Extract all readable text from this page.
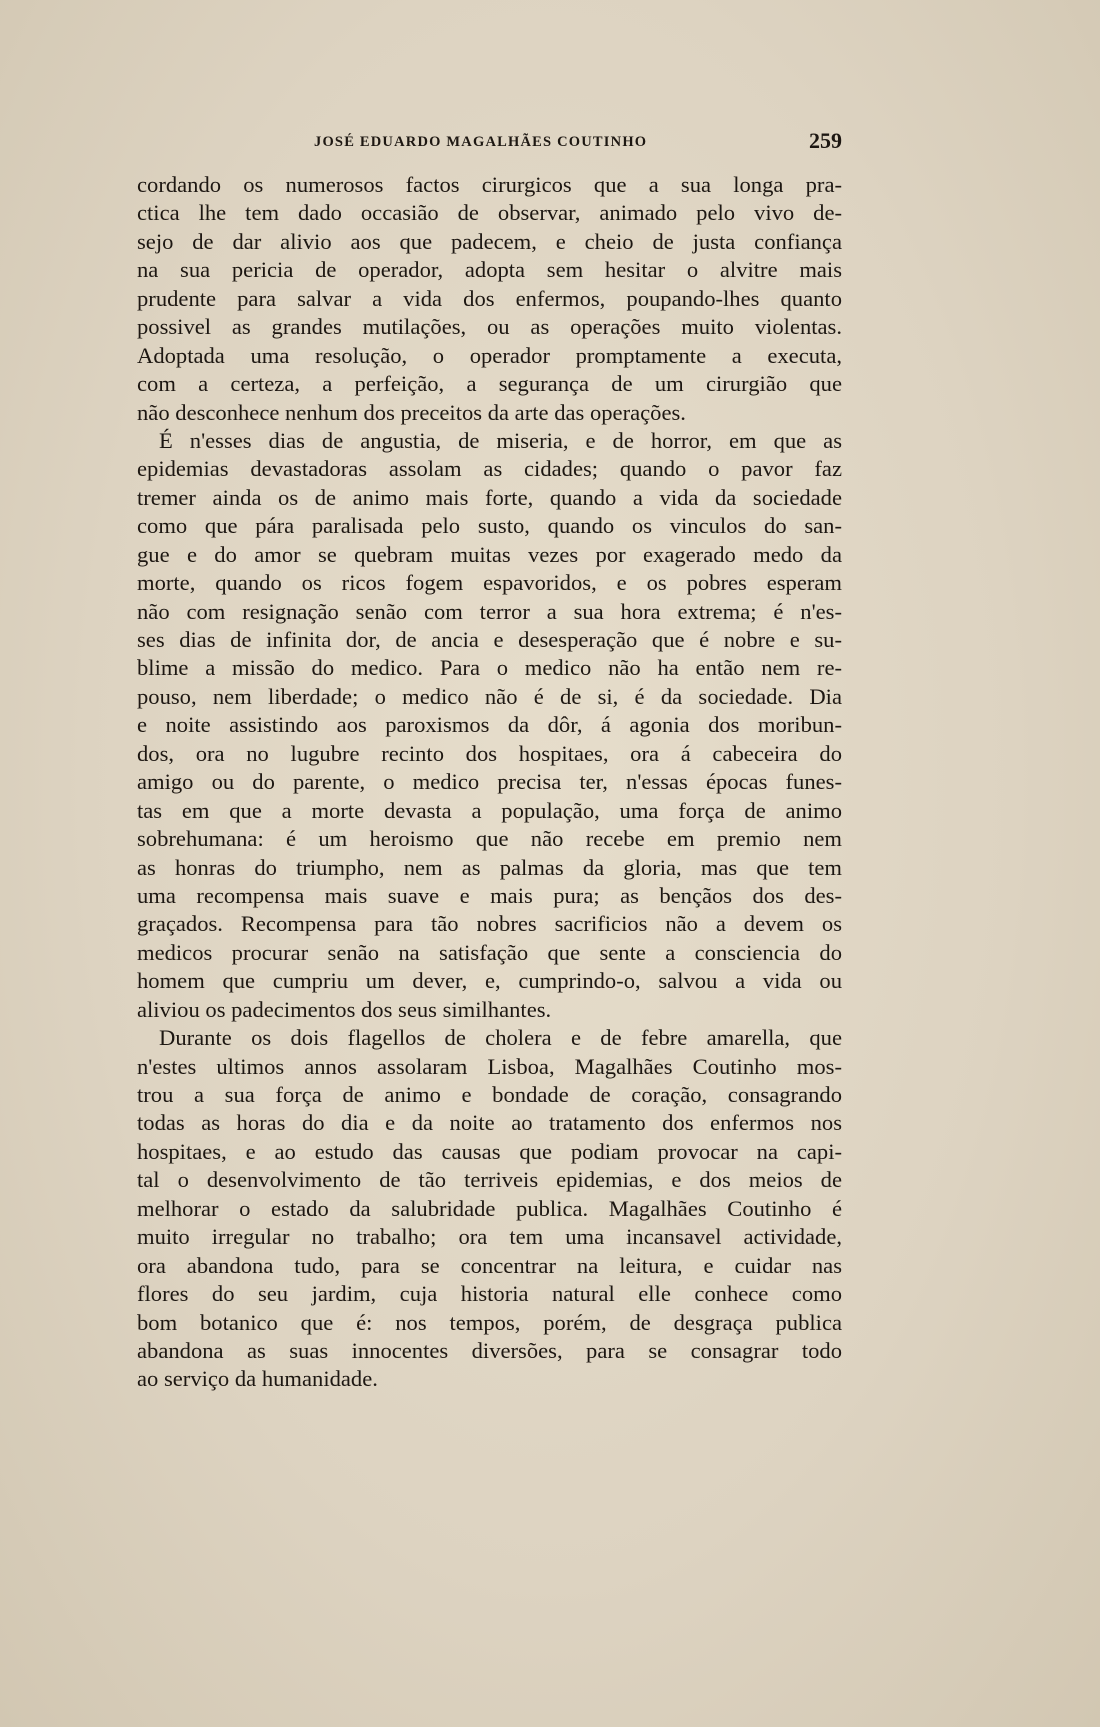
JOSÉ EDUARDO MAGALHÃES COUTINHO	259
cordando os numerosos factos cirurgicos que a sua longa pra-
ctica lhe tem dado occasião de observar, animado pelo vivo de-
sejo de dar alivio aos que padecem, e cheio de justa confiança
na sua pericia de operador, adopta sem hesitar o alvitre mais
prudente para salvar a vida dos enfermos, poupando-lhes quanto
possivel as grandes mutilações, ou as operações muito violentas.
Adoptada uma resolução, o operador promptamente a executa,
com a certeza, a perfeição, a segurança de um cirurgião que
não desconhece nenhum dos preceitos da arte das operações.
É n'esses dias de angustia, de miseria, e de horror, em que as
epidemias devastadoras assolam as cidades; quando o pavor faz
tremer ainda os de animo mais forte, quando a vida da sociedade
como que pára paralisada pelo susto, quando os vinculos do san-
gue e do amor se quebram muitas vezes por exagerado medo da
morte, quando os ricos fogem espavoridos, e os pobres esperam
não com resignação senão com terror a sua hora extrema; é n'es-
ses dias de infinita dor, de ancia e desesperação que é nobre e su-
blime a missão do medico. Para o medico não ha então nem re-
pouso, nem liberdade; o medico não é de si, é da sociedade. Dia
e noite assistindo aos paroxismos da dôr, á agonia dos moribun-
dos, ora no lugubre recinto dos hospitaes, ora á cabeceira do
amigo ou do parente, o medico precisa ter, n'essas épocas funes-
tas em que a morte devasta a população, uma força de animo
sobrehumana: é um heroismo que não recebe em premio nem
as honras do triumpho, nem as palmas da gloria, mas que tem
uma recompensa mais suave e mais pura; as bençãos dos des-
graçados. Recompensa para tão nobres sacrificios não a devem os
medicos procurar senão na satisfação que sente a consciencia do
homem que cumpriu um dever, e, cumprindo-o, salvou a vida ou
aliviou os padecimentos dos seus similhantes.
Durante os dois flagellos de cholera e de febre amarella, que
n'estes ultimos annos assolaram Lisboa, Magalhães Coutinho mos-
trou a sua força de animo e bondade de coração, consagrando
todas as horas do dia e da noite ao tratamento dos enfermos nos
hospitaes, e ao estudo das causas que podiam provocar na capi-
tal o desenvolvimento de tão terriveis epidemias, e dos meios de
melhorar o estado da salubridade publica. Magalhães Coutinho é
muito irregular no trabalho; ora tem uma incansavel actividade,
ora abandona tudo, para se concentrar na leitura, e cuidar nas
flores do seu jardim, cuja historia natural elle conhece como
bom botanico que é: nos tempos, porém, de desgraça publica
abandona as suas innocentes diversões, para se consagrar todo
ao serviço da humanidade.
